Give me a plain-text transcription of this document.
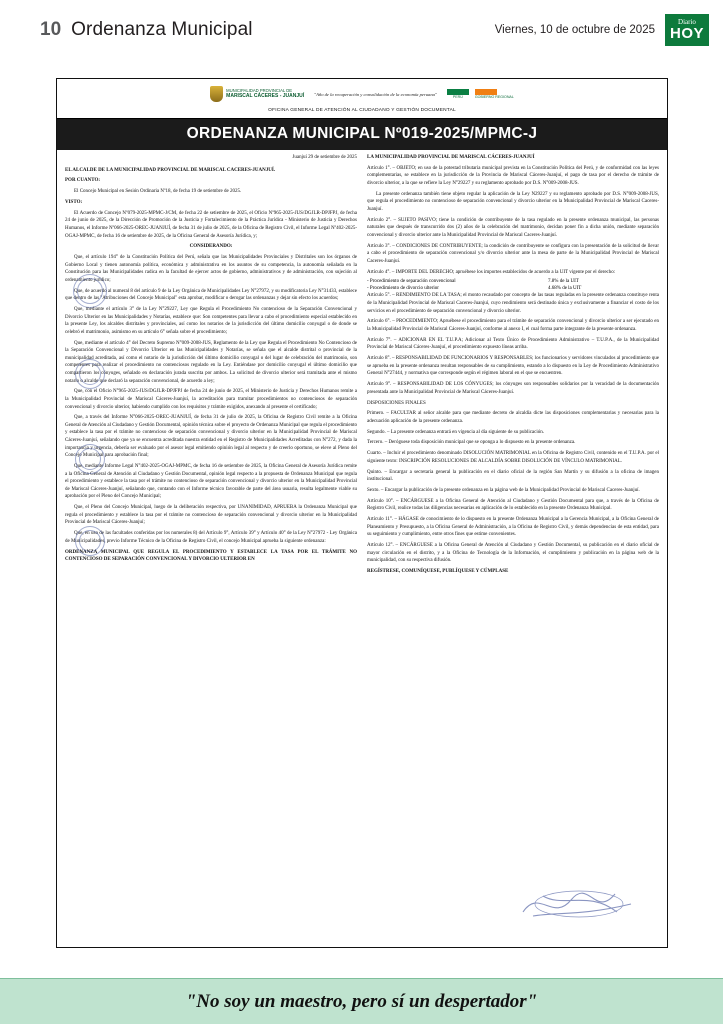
10 Ordenanza Municipal	Viernes, 10 de octubre de 2025
Diario
HOY
MUNICIPALIDAD PROVINCIAL DE
MARISCAL CÁCERES - JUANJUÍ "Año de la recuperación y consolidación de la economía peruana"
PERÚ	GOBIERNO REGIONAL
OFICINA GENERAL DE ATENCIÓN AL CIUDADANO Y GESTIÓN DOCUMENTAL
ORDENANZA MUNICIPAL Nº019-2025/MPMC-J

Juanjuí 29 de setiembre de 2025

EL ALCALDE DE LA MUNICIPALIDAD PROVINCIAL DE MARISCAL CACERES-JUANJUÍ.

POR CUANTO:

El Concejo Municipal en Sesión Ordinaria Nº18, de fecha 19 de setiembre de 2025.

VISTO:

El Acuerdo de Concejo Nº079-2025-MPMC-J/CM, de fecha 22 de setiembre de 2025, el Oficio Nº965-2025-JUS/DGJLR-DPJFPJ, de fecha 24 de junio de 2025, de la Dirección de Promoción de la Justicia y Fortalecimiento de la Práctica Jurídica - Ministerio de Justicia y Derechos Humanos, el Informe Nº066-2025-OREC-JUANJUÍ, de fecha 31 de julio de 2025, de la Oficina de Registro Civil, el Informe Legal Nº402-2025-OGAJ-MPMC, de fecha 16 de setiembre de 2025, de la Oficina General de Asesoría Jurídica, y;

CONSIDERANDO:

Que, el artículo 194° de la Constitución Política del Perú, señala que las Municipalidades Provinciales y Distritales son los órganos de Gobierno Local y tienen autonomía política, económica y administrativa en los asuntos de su competencia, la autonomía señalada en la Constitución para las Municipalidades radica en la facultad de ejercer actos de gobierno, administrativos y de administración, con sujeción al ordenamiento jurídico;

Que, de acuerdo al numeral 8 del artículo 9 de la Ley Orgánica de Municipalidades Ley N°27972, y su modificatoria Ley N°31433, establece que dentro de las "Atribuciones del Concejo Municipal" esta aprobar, modificar o derogar las ordenanzas y dejar sin efecto los acuerdos;

Que, mediante el artículo 3° de la Ley N°29227, Ley que Regula el Procedimiento No contencioso de la Separación Convencional y Divorcio Ulterior en las Municipalidades y Notarías, establece que: Son competentes para llevar a cabo el procedimiento especial establecido en la presente Ley, los alcaldes distritales y provinciales, así como los notarios de la jurisdicción del último domicilio conyugal o de donde se celebró el matrimonio, asimismo en su artículo 6° señala sobre el procedimiento;

Que, mediante el artículo 4° del Decreto Supremo N°009-2008-JUS, Reglamento de la Ley que Regula el Procedimiento No Contencioso de la Separación Convencional y Divorcio Ulterior en las Municipalidades y Notarías, se señala que el alcalde distrital o provincial de la municipalidad acreditada, así como el notario de la jurisdicción del último domicilio conyugal o del lugar de celebración del matrimonio, son competentes para realizar el procedimiento no contenciosos regulado en la Ley. Entiéndase por domicilio conyugal el último domicilio que compartieron los cónyuges, señalado en declaración jurada suscrita por ambos. La solicitud de divorcio ulterior será tramitada ante el mismo notario o alcalde que declaró la separación convencional, de acuerdo a ley;

Que, con el Oficio N°965-2025-JUS/DGJLR-DPJFPJ de fecha 24 de junio de 2025, el Ministerio de Justicia y Derechos Humanos remite a la Municipalidad Provincial de Mariscal Cáceres-Juanjuí, la acreditación para tramitar procedimientos no contenciosos de separación convencional y divorcio ulterior, habiendo cumplido con los requisitos y trámite exigidos, anexando al presente el certificado;

Que, a través del Informe N°066-2025-OREC-JUANJUÍ, de fecha 31 de julio de 2025, la Oficina de Registro Civil remite a la Oficina General de Atención al Ciudadano y Gestión Documental, opinión técnica sobre el proyecto de Ordenanza Municipal que regula el procedimiento y establece la tasa por el trámite no contencioso de separación convencional y divorcio ulterior en la Municipalidad Provincial de Mariscal Cáceres-Juanjuí, señalando que ya se encuentra acreditada nuestra entidad en el Registro de Municipalidades Acreditadas con N°272, y dada la importancia y urgencia, debería ser evaluado por el asesor legal emitiendo opinión legal al respecto y de creerlo oportuno, se eleve al Pleno del Concejo Municipal para aprobación final;

Que, mediante Informe Legal N°402-2025-OGAJ-MPMC, de fecha 16 de setiembre de 2025, la Oficina General de Asesoría Jurídica remite a la Oficina General de Atención al Ciudadano y Gestión Documental, opinión legal respecto a la propuesta de Ordenanza Municipal que regula el procedimiento y establece la tasa por el trámite no contencioso de separación convencional y divorcio ulterior en la Municipalidad Provincial de Mariscal Cáceres-Juanjuí, señalando que, contando con el Informe técnico favorable de parte del área usuaria, resulta legalmente viable su aprobación por el Pleno del Concejo Municipal;

Que, el Pleno del Concejo Municipal, luego de la deliberación respectiva, por UNANIMIDAD, APRUEBA la Ordenanza Municipal que regula el procedimiento y establece la tasa por el trámite no contencioso de separación convencional y divorcio ulterior en la Municipalidad Provincial de Mariscal Cáceres-Juanjuí;

Que, en uso de las facultades conferidas por los numerales 8) del Artículo 9°, Artículo 39° y Artículo 40° de la Ley N°27972 - Ley Orgánica de Municipalidades, previo Informe Técnico de la Oficina de Registro Civil, el concejo Municipal aprueba la siguiente ordenanza:

ORDENANZA MUNICIPAL QUE REGULA EL PROCEDIMIENTO Y ESTABLECE LA TASA POR EL TRÁMITE NO CONTENCIOSO DE SEPARACIÓN CONVENCIONAL Y DIVORCIO ULTERIOR EN

LA MUNICIPALIDAD PROVINCIAL DE MARISCAL CÁCERES-JUANJUÍ

Artículo 1°. – OBJETO; en uso de la potestad tributaria municipal prevista en la Constitución Política del Perú, y de conformidad con las leyes complementarias, se establece en la jurisdicción de la Provincia de Mariscal Cáceres-Juanjuí, el pago de tasa por el derecho de trámite de divorcio ulterior, a la que se refiere la Ley N°29227 y su reglamento aprobado por D.S. N°009-2008-JUS.

La presente ordenanza también tiene objeto regular la aplicación de la Ley N29227 y su reglamento aprobado por D.S. N°009-2008-JUS, que regula el procedimiento no contencioso de separación convencional y divorcio ulterior en la Municipalidad Provincial de Mariscal Caceres-Juanjuí.

Artículo 2°. – SUJETO PASIVO; tiene la condición de contribuyente de la tasa regulado en la presente ordenanza municipal, las personas naturales que después de transcurrido dos (2) años de la celebración del matrimonio, decidan poner fin a dicha unión, mediante separación convencional y divorcio ulterior ante la Municipalidad Provincial de Mariscal Caceres-Juanjuí.

Artículo 3°. – CONDICIONES DE CONTRIBUYENTE; la condición de contribuyente se configura con la presentación de la solicitud de llevar a cabo el procedimiento de separación convencional y/o divorcio ulterior ante la mesa de parte de la Municipalidad Provincial de Mariscal Caceres-Juanjuí.

Artículo 4°. – IMPORTE DEL DERECHO; apruébese los importes establecidos de acuerdo a la UIT vigente por el derecho:

- Procedimiento de separación convencional	7.8% de la UIT
- Procedimiento de divorcio ulterior	4.68% de la UIT

Artículo 5°. – RENDIMIENTO DE LA TASA; el monto recaudado por concepto de las tasas reguladas en la presente ordenanza constituye renta de la Municipalidad Provincial de Mariscal Caceres-Juanjuí, cuyo rendimiento será destinado única y exclusivamente a financiar el costo de los servicios en el procedimiento de separación convencional y divorcio ulterior.

Artículo 6°. – PROCEDIMIENTO; Apruébese el procedimiento para el trámite de separación convencional y divorcio ulterior a ser ejecutado en la Municipalidad Provincial de Mariscal Cáceres-Juanjuí, conforme al anexo I, el cual forma parte integrante de la presente ordenanza.

Artículo 7°. – ADICIONAR EN EL T.U.P.A; Adicionar al Texto Único de Procedimiento Administrativo – T.U.P.A., de la Municipalidad Provincial de Mariscal Cáceres-Juanjuí, el procedimiento expuesto líneas arriba.

Artículo 8°. – RESPONSABILIDAD DE FUNCIONARIOS Y RESPONSABLES; los funcionarios y servidores vinculados al procedimiento que se aprueba en la presente ordenanza resultan responsables de su cumplimiento, estando a lo dispuesto en la Ley de Procedimiento Administrativo General N°27444, y normativa que corresponde según el régimen laboral en el que se encuentren.

Artículo 9°. – RESPONSABILIDAD DE LOS CÓNYUGES; los cónyuges son responsables solidarios por la veracidad de la documentación presentada ante la Municipalidad Provincial de Mariscal Cáceres-Juanjuí.

DISPOSICIONES FINALES

Primero. – FACULTAR al señor alcalde para que mediante decreto de alcaldía dicte las disposiciones complementarias y necesarias para la adecuación aplicación de la presente ordenanza.

Segundo. – La presente ordenanza entrará en vigencia al día siguiente de su publicación.

Tercero. – Deróguese toda disposición municipal que se oponga a lo dispuesto en la presente ordenanza.

Cuarto. – Incluir el procedimiento denominado DISOLUCIÓN MATRIMONIAL en la Oficina de Registro Civil, contenido en el T.U.P.A. por el siguiente texto: INSCRIPCIÓN RESOLUCIONES DE ALCALDÍA SOBRE DISOLUCIÓN DE VÍNCULO MATRIMONIAL.

Quinto. – Encargar a secretaria general la publicación en el diario oficial de la región San Martín y su difusión a la oficina de imagen institucional.

Sexto. – Encargar la publicación de la presente ordenanza en la página web de la Municipalidad Provincial de Mariscal Caceres-Juanjuí.

Artículo 10°. – ENCÁRGUESE a la Oficina General de Atención al Ciudadano y Gestión Documental para que, a través de la Oficina de Registro Civil, realice todas las diligencias necesarias en aplicación de lo establecido en la presente Ordenanza Municipal.

Artículo 11°. – HÁGASE de conocimiento de lo dispuesto en la presente Ordenanza Municipal a la Gerencia Municipal, a la Oficina General de Planeamiento y Presupuesto, a la Oficina General de Administración, a la Oficina de Registro Civil, y demás dependencias de esta entidad, para su seguimiento y cumplimiento, entre otros fines que estime convenientes.

Artículo 12°. – ENCÁRGUESE a la Oficina General de Atención al Ciudadano y Gestión Documental, su publicación en el diario oficial de mayor circulación en el distrito, y a la Oficina de Tecnología de la Información, el cumplimiento y publicación en la página web de la municipalidad, con su respectiva difusión.

REGÍSTRESE, COMUNÍQUESE, PUBLÍQUESE Y CÚMPLASE

"No soy un maestro, pero sí un despertador"
